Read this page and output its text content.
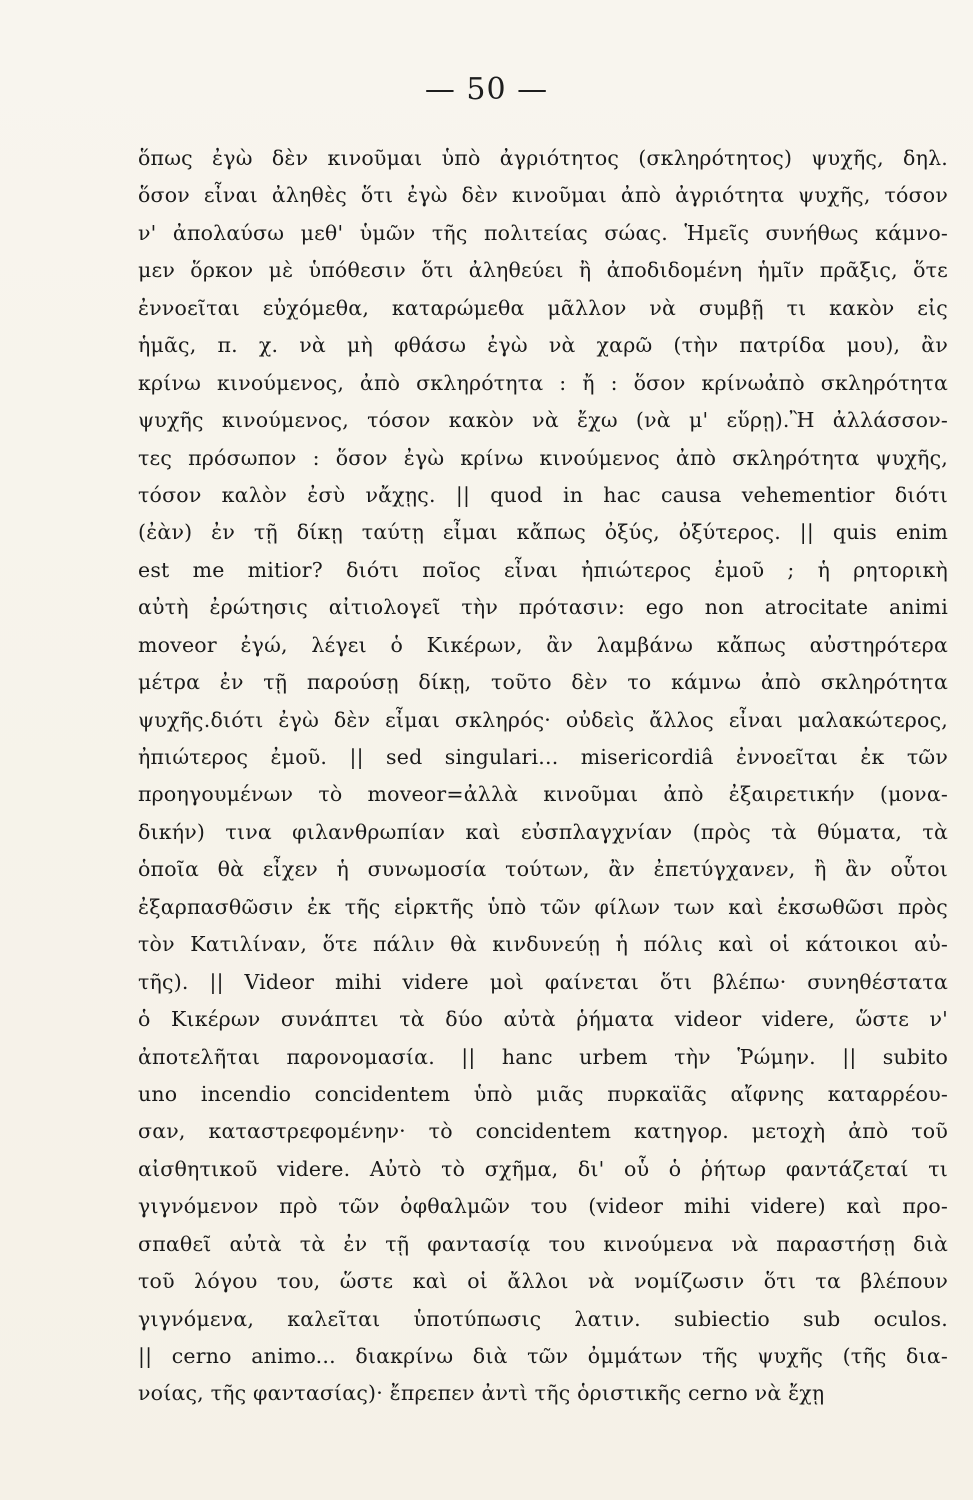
— 50 —
ὅπως ἐγὼ δὲν κινοῦμαι ὑπὸ ἀγριότητος (σκληρότητος) ψυχῆς, δηλ.
ὅσον εἶναι ἀληθὲς ὅτι ἐγὼ δὲν κινοῦμαι ἀπὸ ἀγριότητα ψυχῆς, τόσον
ν' ἀπολαύσω μεθ' ὑμῶν τῆς πολιτείας σώας. Ἡμεῖς συνήθως κάμνο-
μεν ὅρκον μὲ ὑπόθεσιν ὅτι ἀληθεύει ἢ ἀποδιδομένη ἡμῖν πρᾶξις, ὅτε
ἐννοεῖται εὐχόμεθα, καταρώμεθα μᾶλλον νὰ συμβῇ τι κακὸν εἰς
ἡμᾶς, π. χ. νὰ μὴ φθάσω ἐγὼ νὰ χαρῶ (τὴν πατρίδα μου), ἂν
κρίνω κινούμενος, ἀπὸ σκληρότητα : ἤ : ὅσον κρίνωἀπὸ σκληρότητα
ψυχῆς κινούμενος, τόσον κακὸν νὰ ἔχω (νὰ μ' εὕρῃ).Ἢ ἀλλάσσον-
τες πρόσωπον : ὅσον ἐγὼ κρίνω κινούμενος ἀπὸ σκληρότητα ψυχῆς,
τόσον καλὸν ἐσὺ νἄχῃς. || quod in hac causa vehementior διότι
(ἐὰν) ἐν τῇ δίκῃ ταύτῃ εἶμαι κἄπως ὀξύς, ὀξύτερος. || quis enim
est me mitior? διότι ποῖος εἶναι ἠπιώτερος ἐμοῦ ; ἡ ρητορικὴ
αὐτὴ ἐρώτησις αἰτιολογεῖ τὴν πρότασιν: ego non atrocitate animi
moveor ἐγώ, λέγει ὁ Κικέρων, ἂν λαμβάνω κἄπως αὐστηρότερα
μέτρα ἐν τῇ παρούσῃ δίκῃ, τοῦτο δὲν το κάμνω ἀπὸ σκληρότητα
ψυχῆς.διότι ἐγὼ δὲν εἶμαι σκληρός· οὐδεὶς ἄλλος εἶναι μαλακώτερος,
ἠπιώτερος ἐμοῦ. || sed singulari... misericordiâ ἐννοεῖται ἐκ τῶν
προηγουμένων τὸ moveor=ἀλλὰ κινοῦμαι ἀπὸ ἐξαιρετικήν (μονα-
δικήν) τινα φιλανθρωπίαν καὶ εὐσπλαγχνίαν (πρὸς τὰ θύματα, τὰ
ὁποῖα θὰ εἶχεν ἡ συνωμοσία τούτων, ἂν ἐπετύγχανεν, ἢ ἂν οὗτοι
ἐξαρπασθῶσιν ἐκ τῆς εἱρκτῆς ὑπὸ τῶν φίλων των καὶ ἐκσωθῶσι πρὸς
τὸν Κατιλίναν, ὅτε πάλιν θὰ κινδυνεύῃ ἡ πόλις καὶ οἱ κάτοικοι αὐ-
τῆς). || Videor mihi videre μοὶ φαίνεται ὅτι βλέπω· συνηθέστατα
ὁ Κικέρων συνάπτει τὰ δύο αὐτὰ ῥήματα videor videre, ὥστε ν'
ἀποτελῆται παρονομασία. || hanc urbem τὴν Ῥώμην. || subito
uno incendio concidentem ὑπὸ μιᾶς πυρκαϊᾶς αἴφνης καταρρέου-
σαν, καταστρεφομένην· τὸ concidentem κατηγορ. μετοχὴ ἀπὸ τοῦ
αἰσθητικοῦ videre. Αὐτὸ τὸ σχῆμα, δι' οὗ ὁ ῥήτωρ φαντάζεταί τι
γιγνόμενον πρὸ τῶν ὀφθαλμῶν του (videor mihi videre) καὶ προ-
σπαθεῖ αὐτὰ τὰ ἐν τῇ φαντασίᾳ του κινούμενα νὰ παραστήσῃ διὰ
τοῦ λόγου του, ὥστε καὶ οἱ ἄλλοι νὰ νομίζωσιν ὅτι τα βλέπουν
γιγνόμενα, καλεῖται ὑποτύπωσις λατιν. subiectio sub oculos.
|| cerno animo... διακρίνω διὰ τῶν ὀμμάτων τῆς ψυχῆς (τῆς δια-
νοίας, τῆς φαντασίας)· ἔπρεπεν ἀντὶ τῆς ὁριστικῆς cerno νὰ ἔχῃ
